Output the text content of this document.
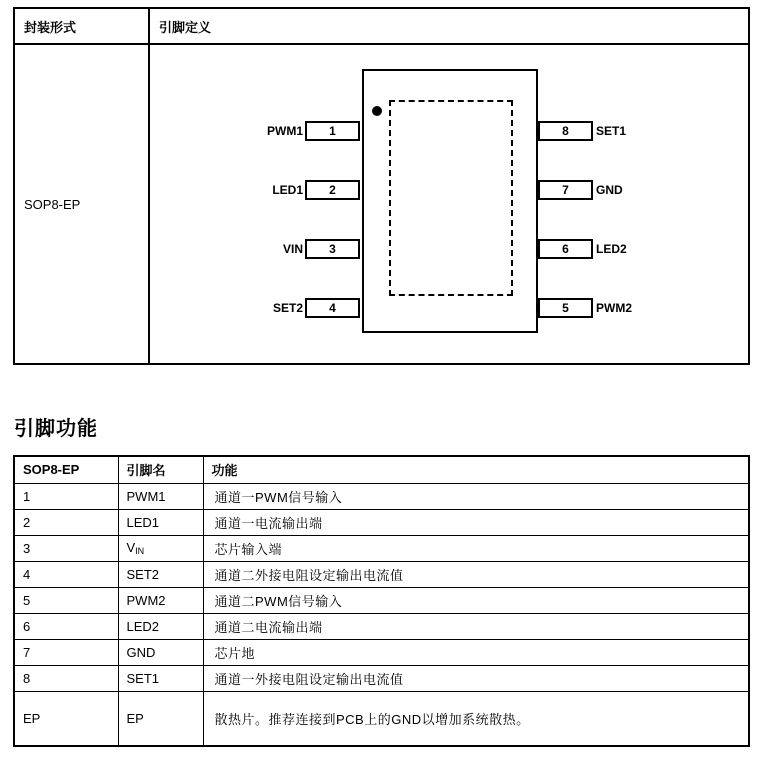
封装形式	引脚定义
SOP8-EP
PWM1	1
LED1	2
VIN	3
SET2	4
8	SET1
7	GND
6	LED2
5	PWM2
引脚功能
SOP8-EP	引脚名	功能
1	PWM1	通道一PWM信号输入
2	LED1	通道一电流输出端
3	$V_{IN}$	芯片输入端
4	SET2	通道二外接电阻设定输出电流值
5	PWM2	通道二PWM信号输入
6	LED2	通道二电流输出端
7	GND	芯片地
8	SET1	通道一外接电阻设定输出电流值
EP	EP	散热片。推荐连接到PCB上的GND以增加系统散热。
